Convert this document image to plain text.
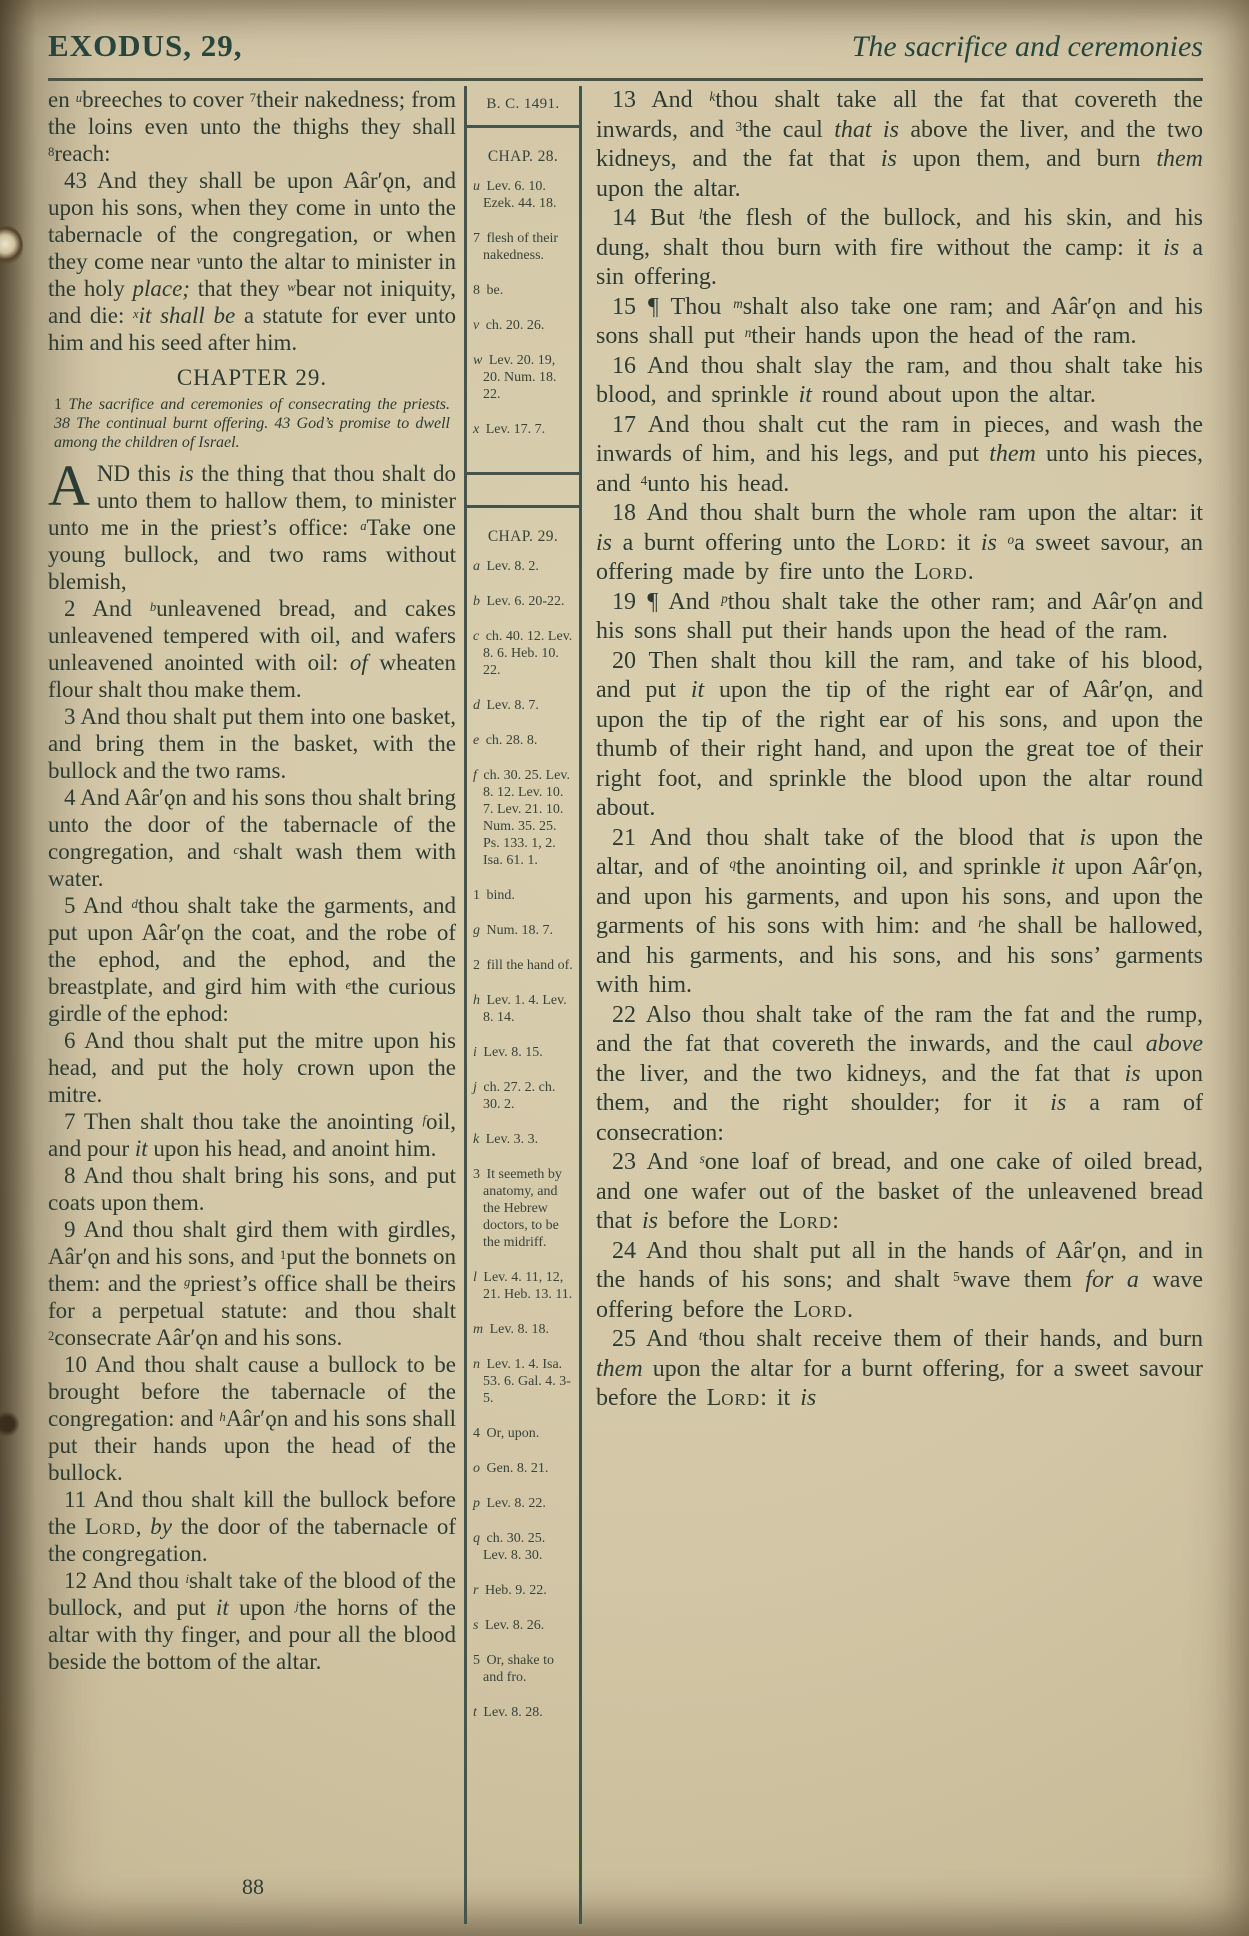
EXODUS, 29,	The sacrifice and ceremonies

en $^u$breeches to cover $^7$their nakedness; from the loins even unto the thighs they shall $^8$reach:

43 And they shall be upon Aâr′ǫn, and upon his sons, when they come in unto the tabernacle of the congregation, or when they come near $^v$unto the altar to minister in the holy place; that they $^w$bear not iniquity, and die: $^x$it shall be a statute for ever unto him and his seed after him.

CHAPTER 29.

1 The sacrifice and ceremonies of consecrating the priests. 38 The continual burnt offering. 43 God’s promise to dwell among the children of Israel.

AND this is the thing that thou shalt do unto them to hallow them, to minister unto me in the priest’s office: $^a$Take one young bullock, and two rams without blemish,

2 And $^b$unleavened bread, and cakes unleavened tempered with oil, and wafers unleavened anointed with oil: of wheaten flour shalt thou make them.

3 And thou shalt put them into one basket, and bring them in the basket, with the bullock and the two rams.

4 And Aâr′ǫn and his sons thou shalt bring unto the door of the tabernacle of the congregation, and $^c$shalt wash them with water.

5 And $^d$thou shalt take the garments, and put upon Aâr′ǫn the coat, and the robe of the ephod, and the ephod, and the breastplate, and gird him with $^e$the curious girdle of the ephod:

6 And thou shalt put the mitre upon his head, and put the holy crown upon the mitre.

7 Then shalt thou take the anointing $^f$oil, and pour it upon his head, and anoint him.

8 And thou shalt bring his sons, and put coats upon them.

9 And thou shalt gird them with girdles, Aâr′ǫn and his sons, and $^1$put the bonnets on them: and the $^g$priest’s office shall be theirs for a perpetual statute: and thou shalt $^2$consecrate Aâr′ǫn and his sons.

10 And thou shalt cause a bullock to be brought before the tabernacle of the congregation: and $^h$Aâr′ǫn and his sons shall put their hands upon the head of the bullock.

11 And thou shalt kill the bullock before the Lord, by the door of the tabernacle of the congregation.

12 And thou $^i$shalt take of the blood of the bullock, and put it upon $^j$the horns of the altar with thy finger, and pour all the blood beside the bottom of the altar.

B. C. 1491.
CHAP. 28.
u Lev. 6. 10. Ezek. 44. 18.
7 flesh of their nakedness.
8 be.
v ch. 20. 26.
w Lev. 20. 19, 20. Num. 18. 22.
x Lev. 17. 7.
CHAP. 29.
a Lev. 8. 2.
b Lev. 6. 20-22.
c ch. 40. 12. Lev. 8. 6. Heb. 10. 22.
d Lev. 8. 7.
e ch. 28. 8.
f ch. 30. 25. Lev. 8. 12. Lev. 10. 7. Lev. 21. 10. Num. 35. 25. Ps. 133. 1, 2. Isa. 61. 1.
1 bind.
g Num. 18. 7.
2 fill the hand of.
h Lev. 1. 4. Lev. 8. 14.
i Lev. 8. 15.
j ch. 27. 2. ch. 30. 2.
k Lev. 3. 3.
3 It seemeth by anatomy, and the Hebrew doctors, to be the midriff.
l Lev. 4. 11, 12, 21. Heb. 13. 11.
m Lev. 8. 18.
n Lev. 1. 4. Isa. 53. 6. Gal. 4. 3-5.
4 Or, upon.
o Gen. 8. 21.
p Lev. 8. 22.
q ch. 30. 25. Lev. 8. 30.
r Heb. 9. 22.
s Lev. 8. 26.
5 Or, shake to and fro.
t Lev. 8. 28.

13 And $^k$thou shalt take all the fat that covereth the inwards, and $^3$the caul that is above the liver, and the two kidneys, and the fat that is upon them, and burn them upon the altar.

14 But $^l$the flesh of the bullock, and his skin, and his dung, shalt thou burn with fire without the camp: it is a sin offering.

15 ¶ Thou $^m$shalt also take one ram; and Aâr′ǫn and his sons shall put $^n$their hands upon the head of the ram.

16 And thou shalt slay the ram, and thou shalt take his blood, and sprinkle it round about upon the altar.

17 And thou shalt cut the ram in pieces, and wash the inwards of him, and his legs, and put them unto his pieces, and $^4$unto his head.

18 And thou shalt burn the whole ram upon the altar: it is a burnt offering unto the Lord: it is $^o$a sweet savour, an offering made by fire unto the Lord.

19 ¶ And $^p$thou shalt take the other ram; and Aâr′ǫn and his sons shall put their hands upon the head of the ram.

20 Then shalt thou kill the ram, and take of his blood, and put it upon the tip of the right ear of Aâr′ǫn, and upon the tip of the right ear of his sons, and upon the thumb of their right hand, and upon the great toe of their right foot, and sprinkle the blood upon the altar round about.

21 And thou shalt take of the blood that is upon the altar, and of $^q$the anointing oil, and sprinkle it upon Aâr′ǫn, and upon his garments, and upon his sons, and upon the garments of his sons with him: and $^r$he shall be hallowed, and his garments, and his sons, and his sons’ garments with him.

22 Also thou shalt take of the ram the fat and the rump, and the fat that covereth the inwards, and the caul above the liver, and the two kidneys, and the fat that is upon them, and the right shoulder; for it is a ram of consecration:

23 And $^s$one loaf of bread, and one cake of oiled bread, and one wafer out of the basket of the unleavened bread that is before the Lord:

24 And thou shalt put all in the hands of Aâr′ǫn, and in the hands of his sons; and shalt $^5$wave them for a wave offering before the Lord.

25 And $^t$thou shalt receive them of their hands, and burn them upon the altar for a burnt offering, for a sweet savour before the Lord: it is

88
